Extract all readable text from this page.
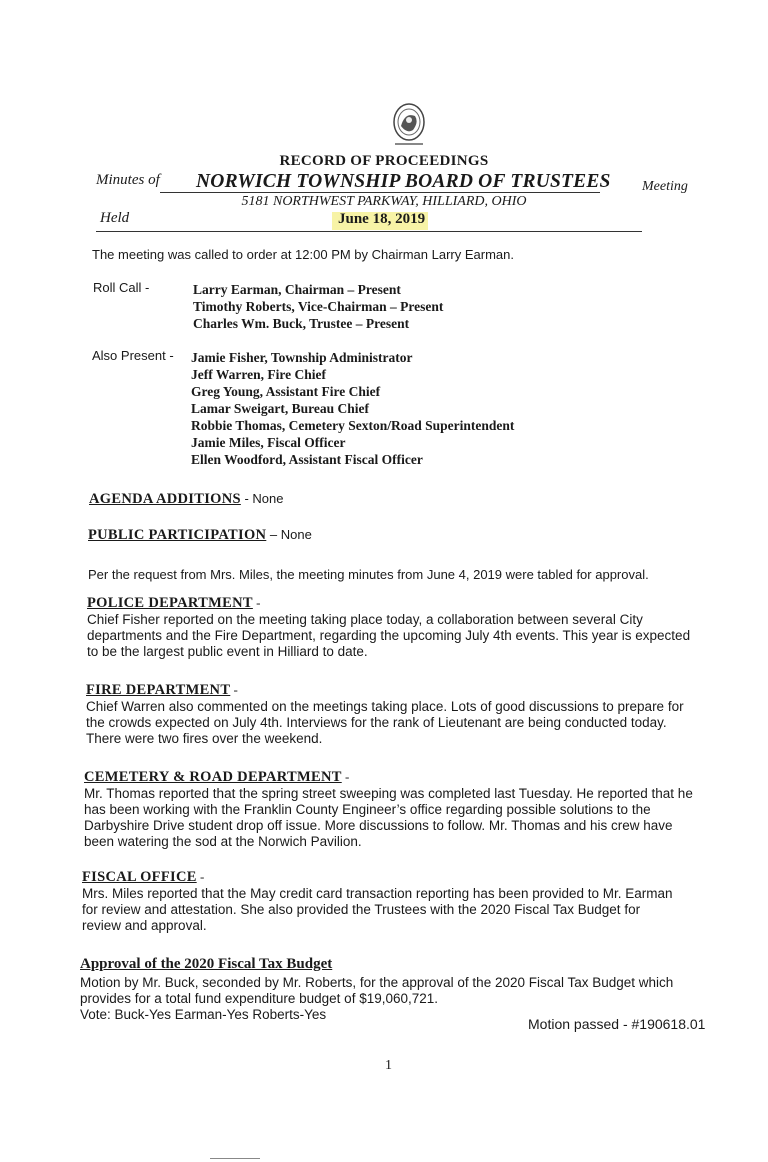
RECORD OF PROCEEDINGS
Minutes of NORWICH TOWNSHIP BOARD OF TRUSTEES Meeting
5181 NORTHWEST PARKWAY, HILLIARD, OHIO
Held	June 18, 2019
The meeting was called to order at 12:00 PM by Chairman Larry Earman.
Roll Call -	Larry Earman, Chairman – Present
Timothy Roberts, Vice-Chairman – Present
Charles Wm. Buck, Trustee – Present
Also Present - Jamie Fisher, Township Administrator
Jeff Warren, Fire Chief
Greg Young, Assistant Fire Chief
Lamar Sweigart, Bureau Chief
Robbie Thomas, Cemetery Sexton/Road Superintendent
Jamie Miles, Fiscal Officer
Ellen Woodford, Assistant Fiscal Officer
AGENDA ADDITIONS - None
PUBLIC PARTICIPATION – None
Per the request from Mrs. Miles, the meeting minutes from June 4, 2019 were tabled for approval.
POLICE DEPARTMENT -
Chief Fisher reported on the meeting taking place today, a collaboration between several City
departments and the Fire Department, regarding the upcoming July 4th events. This year is expected
to be the largest public event in Hilliard to date.
FIRE DEPARTMENT -
Chief Warren also commented on the meetings taking place. Lots of good discussions to prepare for
the crowds expected on July 4th. Interviews for the rank of Lieutenant are being conducted today.
There were two fires over the weekend.
CEMETERY & ROAD DEPARTMENT -
Mr. Thomas reported that the spring street sweeping was completed last Tuesday. He reported that he
has been working with the Franklin County Engineer’s office regarding possible solutions to the
Darbyshire Drive student drop off issue. More discussions to follow. Mr. Thomas and his crew have
been watering the sod at the Norwich Pavilion.
FISCAL OFFICE -
Mrs. Miles reported that the May credit card transaction reporting has been provided to Mr. Earman
for review and attestation. She also provided the Trustees with the 2020 Fiscal Tax Budget for
review and approval.
Approval of the 2020 Fiscal Tax Budget
Motion by Mr. Buck, seconded by Mr. Roberts, for the approval of the 2020 Fiscal Tax Budget which
provides for a total fund expenditure budget of $19,060,721.
Vote: Buck-Yes Earman-Yes Roberts-Yes
Motion passed - #190618.01
1
